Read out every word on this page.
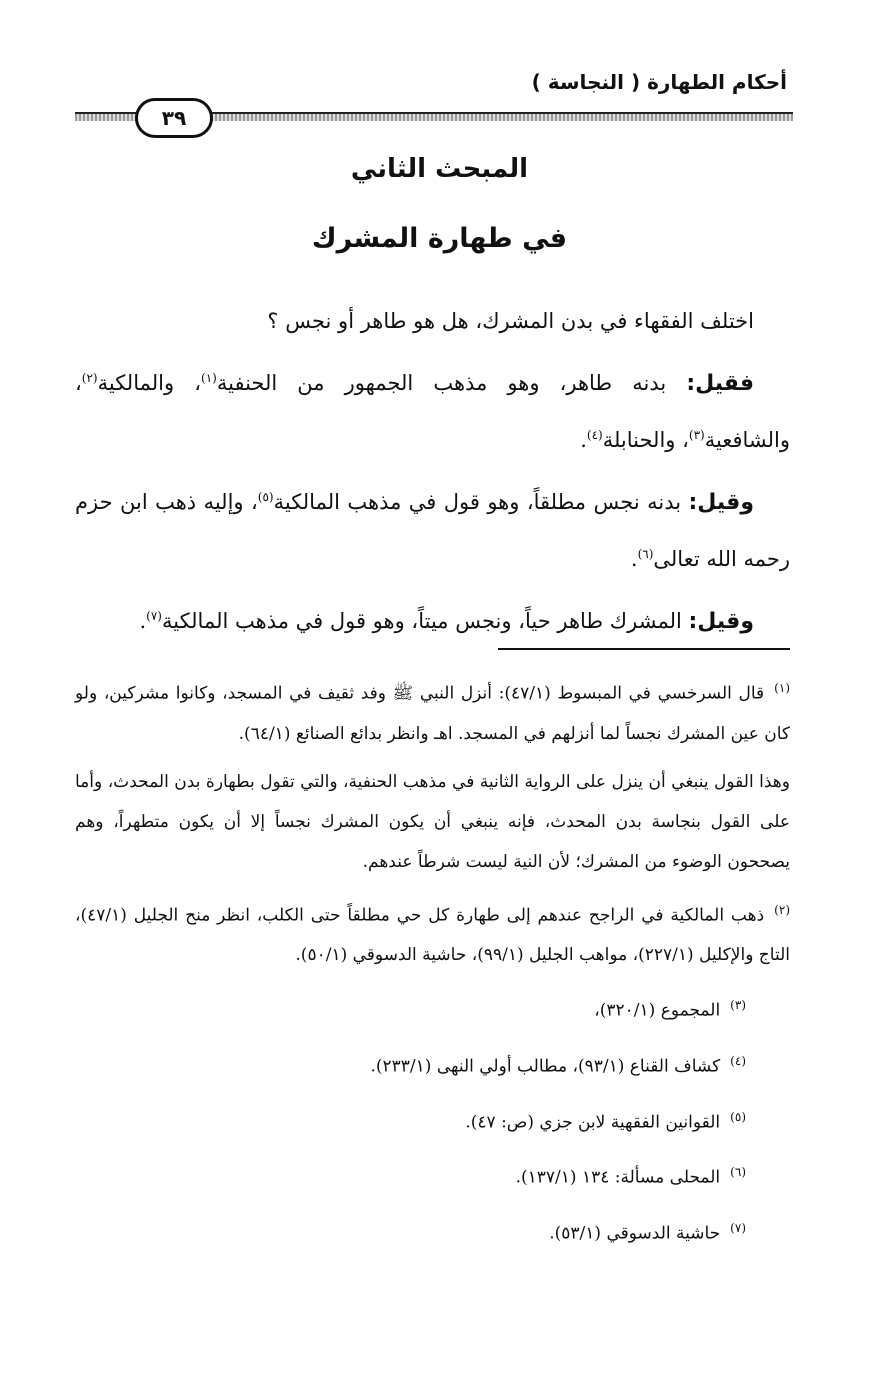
أحكام الطهارة ( النجاسة )
٣٩
المبحث الثاني
في طهارة المشرك

اختلف الفقهاء في بدن المشرك، هل هو طاهر أو نجس ؟

فقيل: بدنه طاهر، وهو مذهب الجمهور من الحنفية$^{(١)}$، والمالكية$^{(٢)}$، والشافعية$^{(٣)}$، والحنابلة$^{(٤)}$.

وقيل: بدنه نجس مطلقاً، وهو قول في مذهب المالكية$^{(٥)}$، وإليه ذهب ابن حزم رحمه الله تعالى$^{(٦)}$.

وقيل: المشرك طاهر حياً، ونجس ميتاً، وهو قول في مذهب المالكية$^{(٧)}$.

$^{(١)}$قال السرخسي في المبسوط (٤٧/١): أنزل النبي ﷺ وفد ثقيف في المسجد، وكانوا مشركين، ولو كان عين المشرك نجساً لما أنزلهم في المسجد. اهـ وانظر بدائع الصنائع (٦٤/١).

وهذا القول ينبغي أن ينزل على الرواية الثانية في مذهب الحنفية، والتي تقول بطهارة بدن المحدث، وأما على القول بنجاسة بدن المحدث، فإنه ينبغي أن يكون المشرك نجساً إلا أن يكون متطهراً، وهم يصححون الوضوء من المشرك؛ لأن النية ليست شرطاً عندهم.

$^{(٢)}$ذهب المالكية في الراجح عندهم إلى طهارة كل حي مطلقاً حتى الكلب، انظر منح الجليل (٤٧/١)، التاج والإكليل (٢٢٧/١)، مواهب الجليل (٩٩/١)، حاشية الدسوقي (٥٠/١).

$^{(٣)}$المجموع (٣٢٠/١)،

$^{(٤)}$كشاف القناع (٩٣/١)، مطالب أولي النهى (٢٣٣/١).

$^{(٥)}$القوانين الفقهية لابن جزي (ص: ٤٧).

$^{(٦)}$المحلى مسألة: ١٣٤ (١٣٧/١).

$^{(٧)}$حاشية الدسوقي (٥٣/١).
